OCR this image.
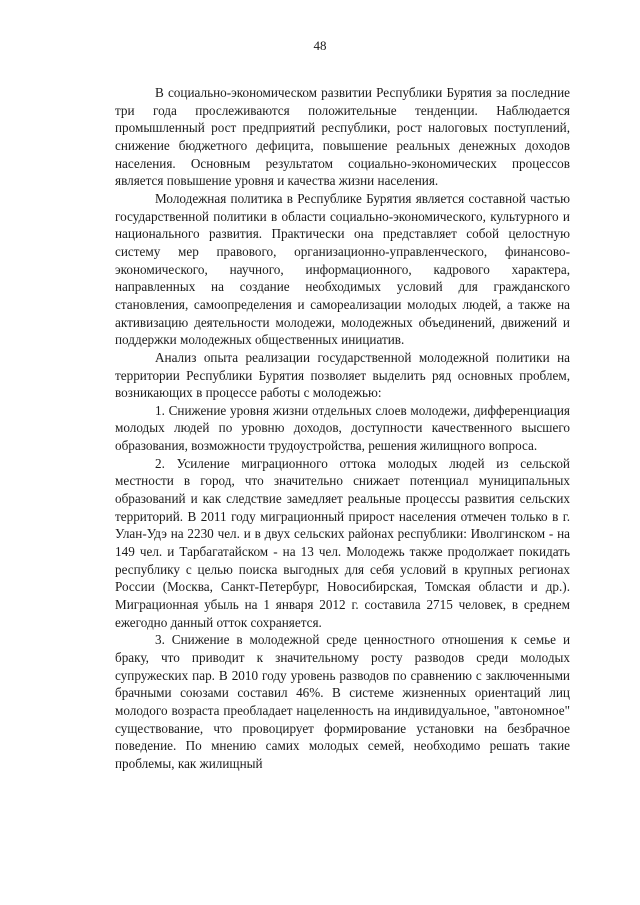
48

В социально-экономическом развитии Республики Бурятия за последние три года прослеживаются положительные тенденции. Наблюдается промышленный рост предприятий республики, рост налоговых поступлений, снижение бюджетного дефицита, повышение реальных денежных доходов населения. Основным результатом социально-экономических процессов является повышение уровня и качества жизни населения.

Молодежная политика в Республике Бурятия является составной частью государственной политики в области социально-экономического, культурного и национального развития. Практически она представляет собой целостную систему мер правового, организационно-управленческого, финансово-экономического, научного, информационного, кадрового характера, направленных на создание необходимых условий для гражданского становления, самоопределения и самореализации молодых людей, а также на активизацию деятельности молодежи, молодежных объединений, движений и поддержки молодежных общественных инициатив.

Анализ опыта реализации государственной молодежной политики на территории Республики Бурятия позволяет выделить ряд основных проблем, возникающих в процессе работы с молодежью:

1. Снижение уровня жизни отдельных слоев молодежи, дифференциация молодых людей по уровню доходов, доступности качественного высшего образования, возможности трудоустройства, решения жилищного вопроса.

2. Усиление миграционного оттока молодых людей из сельской местности в город, что значительно снижает потенциал муниципальных образований и как следствие замедляет реальные процессы развития сельских территорий. В 2011 году миграционный прирост населения отмечен только в г. Улан-Удэ на 2230 чел. и в двух сельских районах республики: Иволгинском - на 149 чел. и Тарбагатайском - на 13 чел. Молодежь также продолжает покидать республику с целью поиска выгодных для себя условий в крупных регионах России (Москва, Санкт-Петербург, Новосибирская, Томская области и др.). Миграционная убыль на 1 января 2012 г. составила 2715 человек, в среднем ежегодно данный отток сохраняется.

3. Снижение в молодежной среде ценностного отношения к семье и браку, что приводит к значительному росту разводов среди молодых супружеских пар. В 2010 году уровень разводов по сравнению с заключенными брачными союзами составил 46%. В системе жизненных ориентаций лиц молодого возраста преобладает нацеленность на индивидуальное, "автономное" существование, что провоцирует формирование установки на безбрачное поведение. По мнению самих молодых семей, необходимо решать такие проблемы, как жилищный
